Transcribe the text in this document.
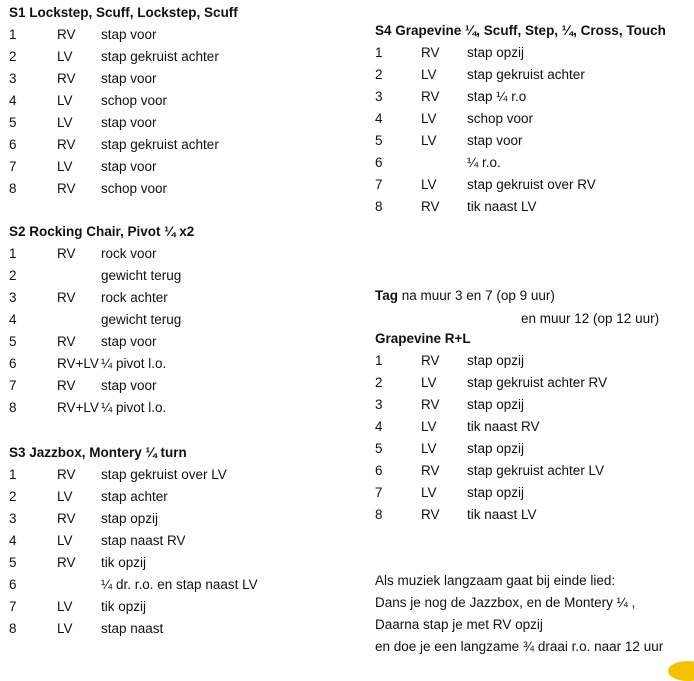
S1 Lockstep, Scuff, Lockstep, Scuff
1	RV stap voor
2	LV stap gekruist achter
3	RV stap voor
4	LV schop voor
5	LV stap voor
6	RV stap gekruist achter
7	LV stap voor
8	RV schop voor
S2 Rocking Chair, Pivot ¼ x2
1	RV rock voor
2	gewicht terug
3	RV rock achter
4	gewicht terug
5	RV stap voor
6	RV+LV ¼ pivot l.o.
7	RV stap voor
8	RV+LV ¼ pivot l.o.
S3 Jazzbox, Montery ¼ turn
1	RV stap gekruist over LV
2	LV stap achter
3	RV stap opzij
4	LV stap naast RV
5	RV tik opzij
6	¼ dr. r.o. en stap naast LV
7	LV tik opzij
8	LV stap naast
S4 Grapevine ¼, Scuff, Step, ¼, Cross, Touch
1	RV stap opzij
2	LV stap gekruist achter
3	RV stap ¼ r.o
4	LV schop voor
5	LV stap voor
6	¼ r.o.
7	LV stap gekruist over RV
8	RV tik naast LV
Tag na muur 3 en 7 (op 9 uur)
en muur 12 (op 12 uur)
Grapevine R+L
1	RV stap opzij
2	LV stap gekruist achter RV
3	RV stap opzij
4	LV tik naast RV
5	LV stap opzij
6	RV stap gekruist achter LV
7	LV stap opzij
8	RV tik naast LV
Als muziek langzaam gaat bij einde lied:
Dans je nog de Jazzbox, en de Montery ¼ ,
Daarna stap je met RV opzij
en doe je een langzame ¾ draai r.o. naar 12 uur
